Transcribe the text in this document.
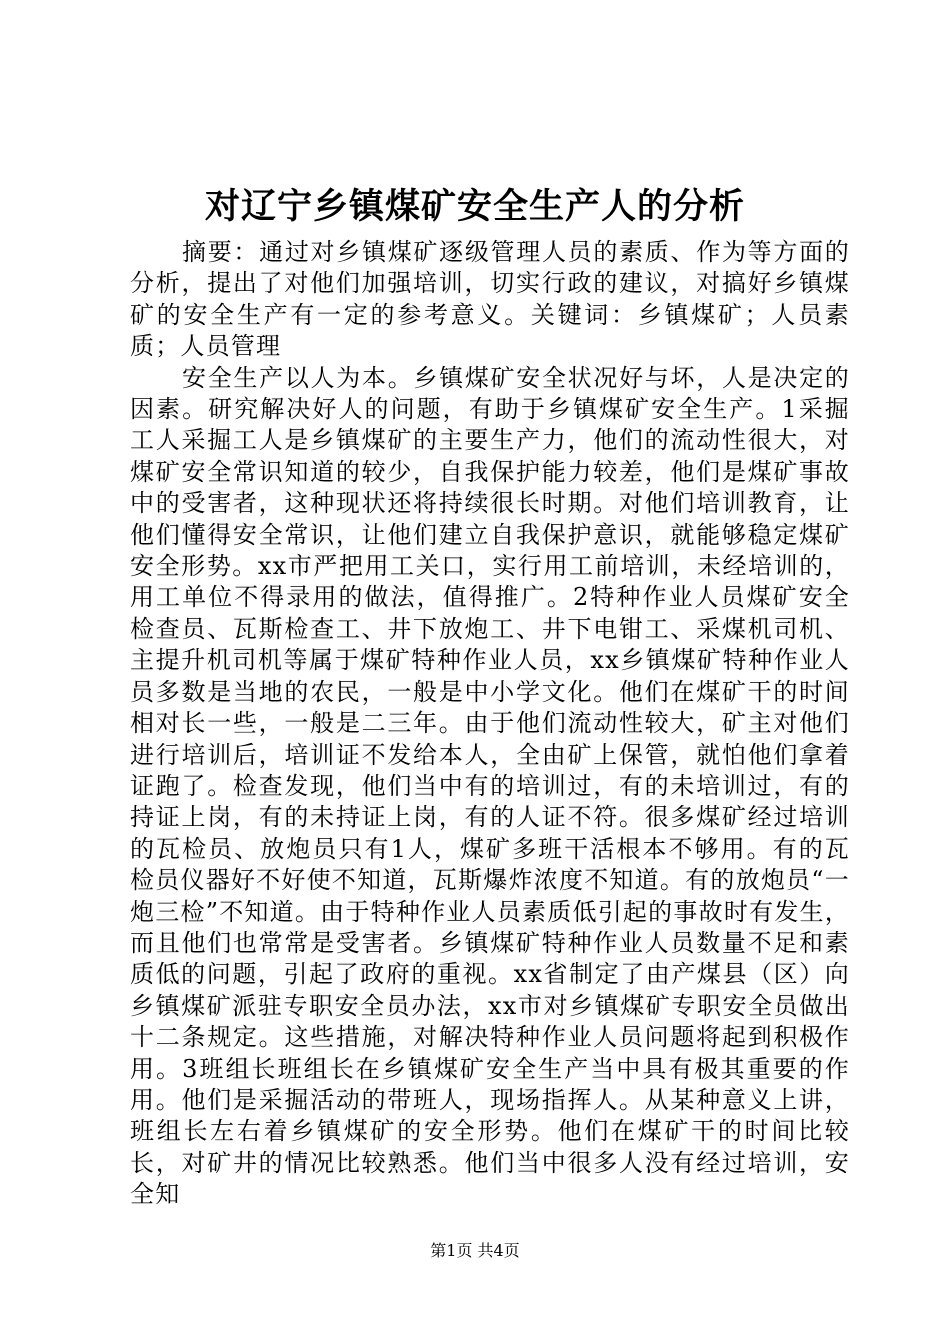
对辽宁乡镇煤矿安全生产人的分析

摘要：通过对乡镇煤矿逐级管理人员的素质、作为等方面的分析，提出了对他们加强培训，切实行政的建议，对搞好乡镇煤矿的安全生产有一定的参考意义。关键词：乡镇煤矿；人员素质；人员管理

安全生产以人为本。乡镇煤矿安全状况好与坏，人是决定的因素。研究解决好人的问题，有助于乡镇煤矿安全生产。1采掘工人采掘工人是乡镇煤矿的主要生产力，他们的流动性很大，对煤矿安全常识知道的较少，自我保护能力较差，他们是煤矿事故中的受害者，这种现状还将持续很长时期。对他们培训教育，让他们懂得安全常识，让他们建立自我保护意识，就能够稳定煤矿安全形势。xx市严把用工关口，实行用工前培训，未经培训的，用工单位不得录用的做法，值得推广。2特种作业人员煤矿安全检查员、瓦斯检查工、井下放炮工、井下电钳工、采煤机司机、主提升机司机等属于煤矿特种作业人员，xx乡镇煤矿特种作业人员多数是当地的农民，一般是中小学文化。他们在煤矿干的时间相对长一些，一般是二三年。由于他们流动性较大，矿主对他们进行培训后，培训证不发给本人，全由矿上保管，就怕他们拿着证跑了。检查发现，他们当中有的培训过，有的未培训过，有的持证上岗，有的未持证上岗，有的人证不符。很多煤矿经过培训的瓦检员、放炮员只有1人，煤矿多班干活根本不够用。有的瓦检员仪器好不好使不知道，瓦斯爆炸浓度不知道。有的放炮员“一炮三检”不知道。由于特种作业人员素质低引起的事故时有发生，而且他们也常常是受害者。乡镇煤矿特种作业人员数量不足和素质低的问题，引起了政府的重视。xx省制定了由产煤县（区）向乡镇煤矿派驻专职安全员办法，xx市对乡镇煤矿专职安全员做出十二条规定。这些措施，对解决特种作业人员问题将起到积极作用。3班组长班组长在乡镇煤矿安全生产当中具有极其重要的作用。他们是采掘活动的带班人，现场指挥人。从某种意义上讲，班组长左右着乡镇煤矿的安全形势。他们在煤矿干的时间比较长，对矿井的情况比较熟悉。他们当中很多人没有经过培训，安全知

第1页 共4页
